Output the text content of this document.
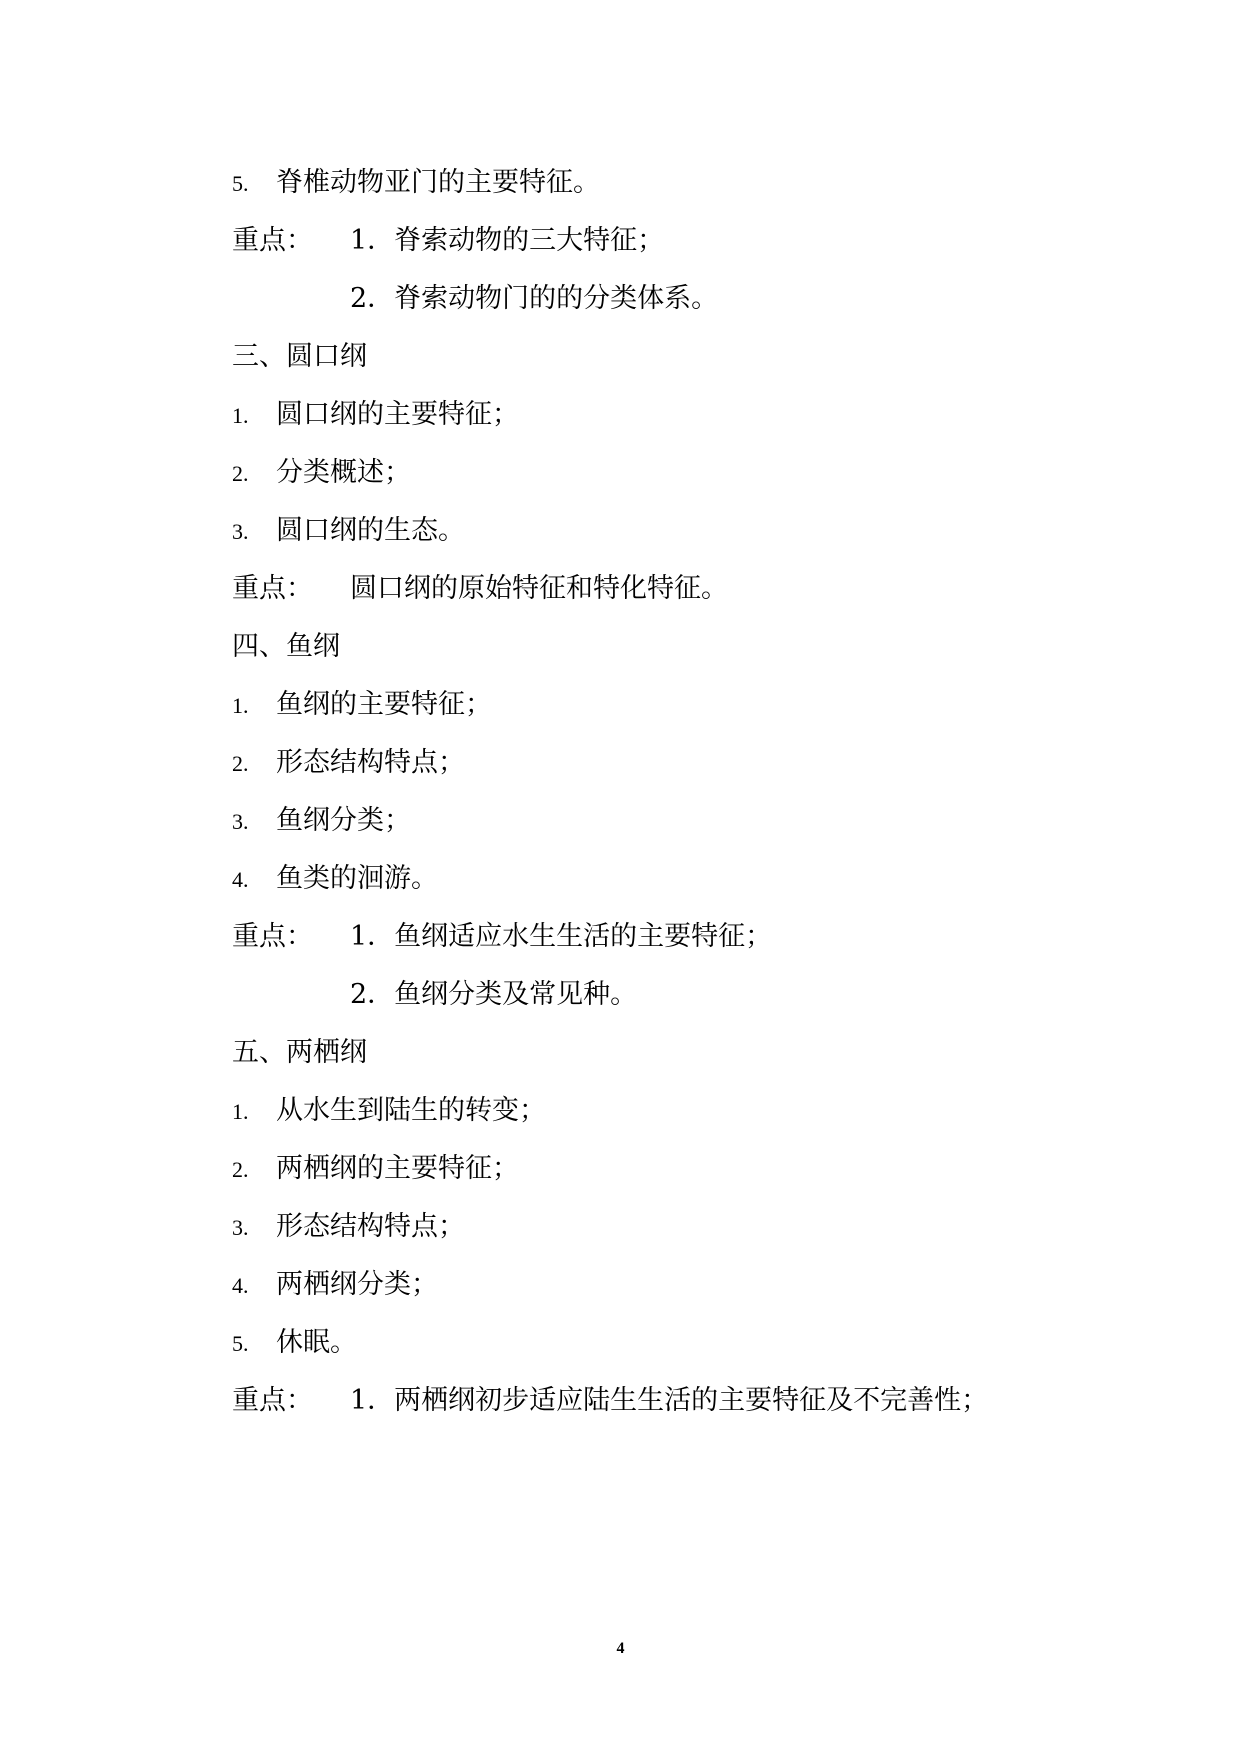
5. 脊椎动物亚门的主要特征。
重点： 1．脊索动物的三大特征；
2．脊索动物门的的分类体系。
三、圆口纲
1. 圆口纲的主要特征；
2. 分类概述；
3. 圆口纲的生态。
重点： 圆口纲的原始特征和特化特征。
四、鱼纲
1. 鱼纲的主要特征；
2. 形态结构特点；
3. 鱼纲分类；
4. 鱼类的洄游。
重点： 1．鱼纲适应水生生活的主要特征；
2．鱼纲分类及常见种。
五、两栖纲
1. 从水生到陆生的转变；
2. 两栖纲的主要特征；
3. 形态结构特点；
4. 两栖纲分类；
5. 休眠。
重点： 1．两栖纲初步适应陆生生活的主要特征及不完善性；
4
